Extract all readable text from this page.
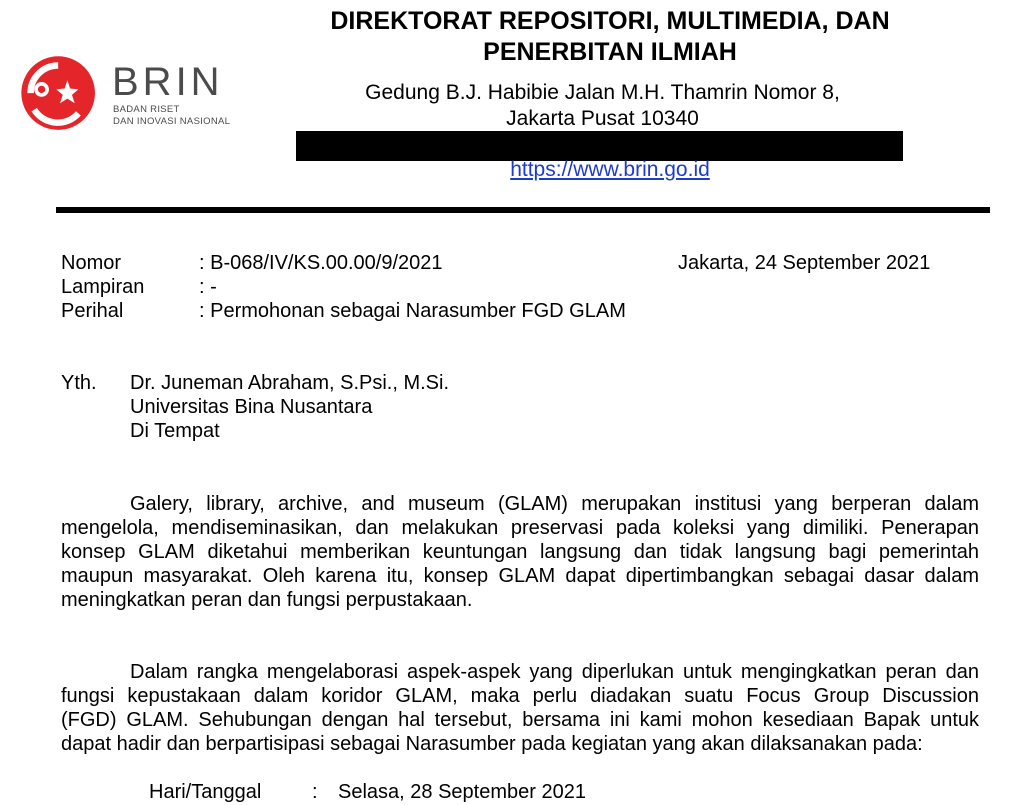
BRIN
BADAN RISET
DAN INOVASI NASIONAL
DIREKTORAT REPOSITORI, MULTIMEDIA, DAN
PENERBITAN ILMIAH
Gedung B.J. Habibie Jalan M.H. Thamrin Nomor 8,
Jakarta Pusat 10340
https://www.brin.go.id
Nomor	: B-068/IV/KS.00.00/9/2021	Jakarta, 24 September 2021
Lampiran	: -
Perihal	: Permohonan sebagai Narasumber FGD GLAM
Yth. Dr. Juneman Abraham, S.Psi., M.Si.
Universitas Bina Nusantara
Di Tempat
Galery, library, archive, and museum (GLAM) merupakan institusi yang berperan dalam
mengelola, mendiseminasikan, dan melakukan preservasi pada koleksi yang dimiliki. Penerapan
konsep GLAM diketahui memberikan keuntungan langsung dan tidak langsung bagi pemerintah
maupun masyarakat. Oleh karena itu, konsep GLAM dapat dipertimbangkan sebagai dasar dalam
meningkatkan peran dan fungsi perpustakaan.
Dalam rangka mengelaborasi aspek-aspek yang diperlukan untuk mengingkatkan peran dan
fungsi kepustakaan dalam koridor GLAM, maka perlu diadakan suatu Focus Group Discussion
(FGD) GLAM. Sehubungan dengan hal tersebut, bersama ini kami mohon kesediaan Bapak untuk
dapat hadir dan berpartisipasi sebagai Narasumber pada kegiatan yang akan dilaksanakan pada:
Hari/Tanggal	: Selasa, 28 September 2021
